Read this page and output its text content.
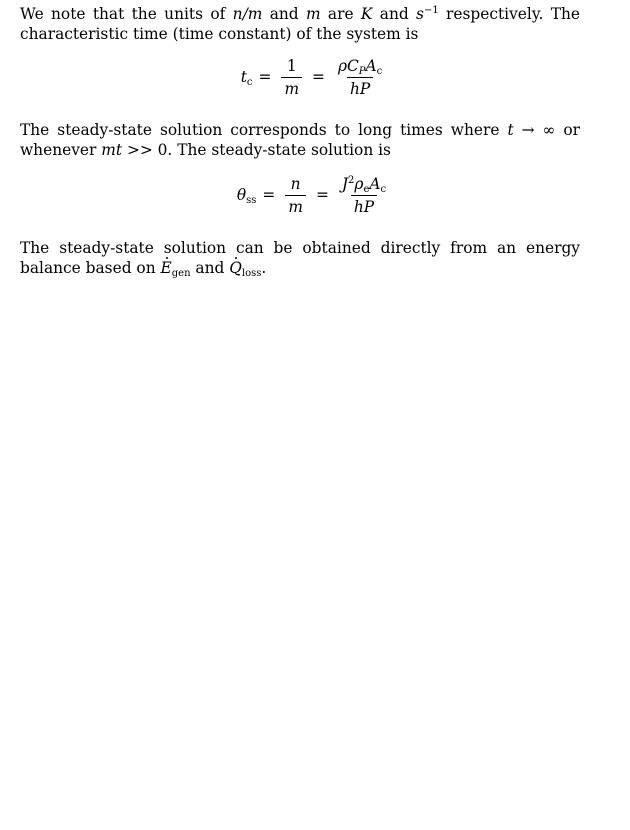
We note that the units of n/m and m are K and $s^{-1}$ respectively. The characteristic time (time constant) of the system is

$t_c = \frac{1}{m} = \frac{\rho C_PA_c}{hP}$

The steady-state solution corresponds to long times where t → ∞ or whenever mt >> 0. The steady-state solution is

$\theta_{ss} = \frac{n}{m} = \frac{J^2\rho_eA_c}{hP}$

The steady-state solution can be obtained directly from an energy balance based on $E_{gen}$ and $Q_{loss}$.
